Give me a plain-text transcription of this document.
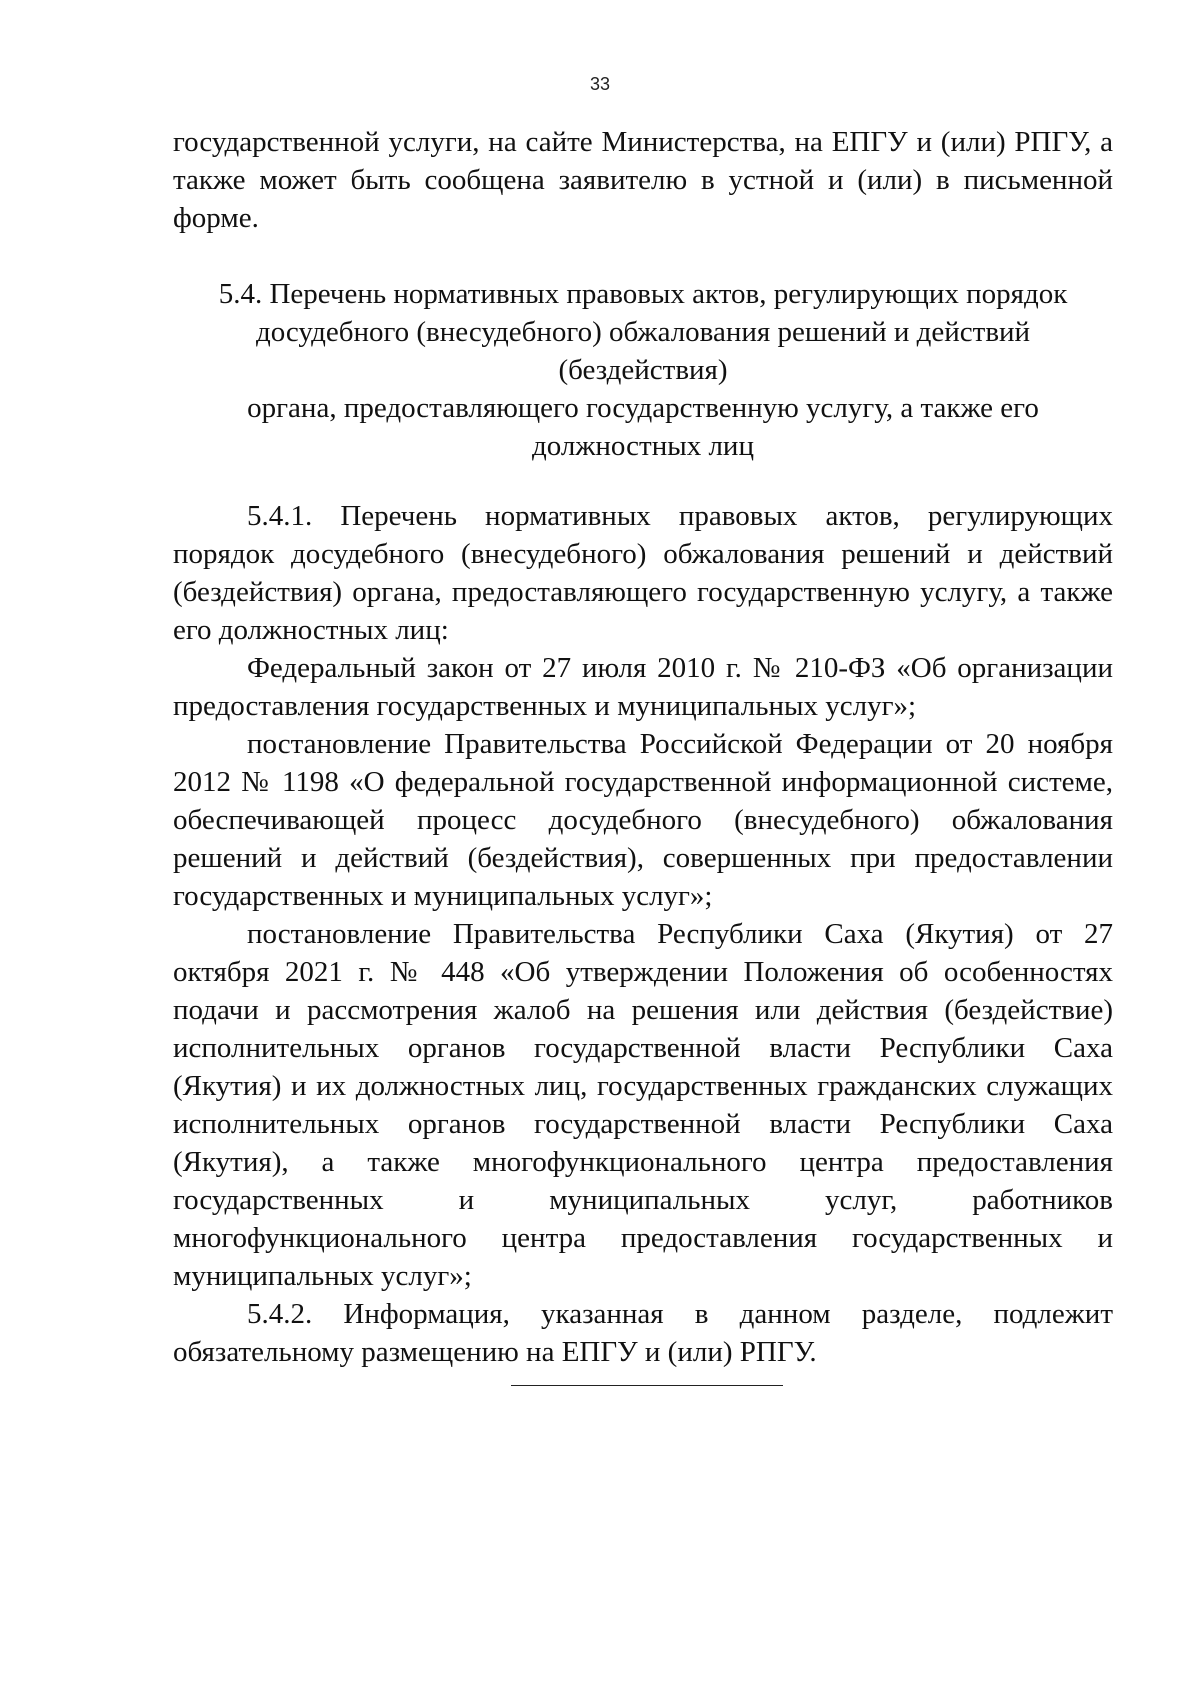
33

государственной услуги, на сайте Министерства, на ЕПГУ и (или) РПГУ, а также может быть сообщена заявителю в устной и (или) в письменной форме.

5.4. Перечень нормативных правовых актов, регулирующих порядок
досудебного (внесудебного) обжалования решений и действий (бездействия)
органа, предоставляющего государственную услугу, а также его
должностных лиц

5.4.1. Перечень нормативных правовых актов, регулирующих порядок досудебного (внесудебного) обжалования решений и действий (бездействия) органа, предоставляющего государственную услугу, а также его должностных лиц:

Федеральный закон от 27 июля 2010 г. № 210-ФЗ «Об организации предоставления государственных и муниципальных услуг»;

постановление Правительства Российской Федерации от 20 ноября 2012 № 1198 «О федеральной государственной информационной системе, обеспечивающей процесс досудебного (внесудебного) обжалования решений и действий (бездействия), совершенных при предоставлении государственных и муниципальных услуг»;

постановление Правительства Республики Саха (Якутия) от 27 октября 2021 г. № 448 «Об утверждении Положения об особенностях подачи и рассмотрения жалоб на решения или действия (бездействие) исполнительных органов государственной власти Республики Саха (Якутия) и их должностных лиц, государственных гражданских служащих исполнительных органов государственной власти Республики Саха (Якутия), а также многофункционального центра предоставления государственных и муниципальных услуг, работников многофункционального центра предоставления государственных и муниципальных услуг»;

5.4.2. Информация, указанная в данном разделе, подлежит обязательному размещению на ЕПГУ и (или) РПГУ.
